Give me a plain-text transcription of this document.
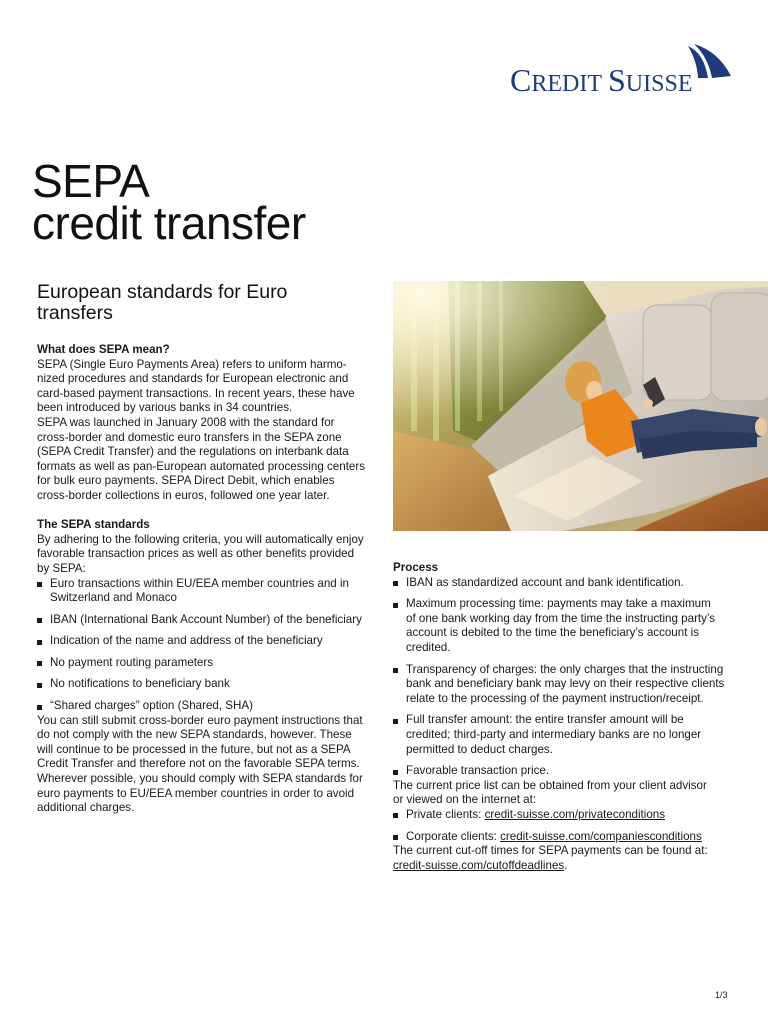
CREDIT SUISSE
SEPA
credit transfer
European standards for Euro
transfers
What does SEPA mean?

SEPA (Single Euro Payments Area) refers to uniform harmo-
nized procedures and standards for European electronic and
card-based payment transactions. In recent years, these have
been introduced by various banks in 34 countries.

SEPA was launched in January 2008 with the standard for
cross-border and domestic euro transfers in the SEPA zone
(SEPA Credit Transfer) and the regulations on interbank data
formats as well as pan-European automated processing centers
for bulk euro payments. SEPA Direct Debit, which enables
cross-border collections in euros, followed one year later.

The SEPA standards

By adhering to the following criteria, you will automatically enjoy
favorable transaction prices as well as other benefits provided
by SEPA:

Euro transactions within EU/EEA member countries and in
Switzerland and Monaco
IBAN (International Bank Account Number) of the beneficiary
Indication of the name and address of the beneficiary
No payment routing parameters
No notifications to beneficiary bank
“Shared charges” option (Shared, SHA)

You can still submit cross-border euro payment instructions that
do not comply with the new SEPA standards, however. These
will continue to be processed in the future, but not as a SEPA
Credit Transfer and therefore not on the favorable SEPA terms.
Wherever possible, you should comply with SEPA standards for
euro payments to EU/EEA member countries in order to avoid
additional charges.

Process
IBAN as standardized account and bank identification.
Maximum processing time: payments may take a maximum
of one bank working day from the time the instructing party’s
account is debited to the time the beneficiary’s account is
credited.
Transparency of charges: the only charges that the instructing
bank and beneficiary bank may levy on their respective clients
relate to the processing of the payment instruction/receipt.
Full transfer amount: the entire transfer amount will be
credited; third-party and intermediary banks are no longer
permitted to deduct charges.
Favorable transaction price.

The current price list can be obtained from your client advisor
or viewed on the internet at:

Private clients: credit-suisse.com/privateconditions
Corporate clients: credit-suisse.com/companiesconditions

The current cut-off times for SEPA payments can be found at:
credit-suisse.com/cutoffdeadlines.

1/3
